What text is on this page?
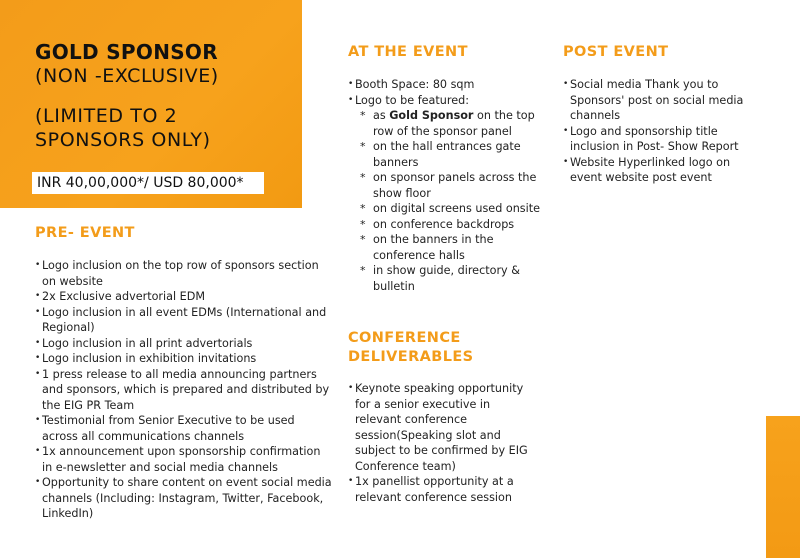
GOLD SPONSOR

(NON -EXCLUSIVE)

(LIMITED TO 2 SPONSORS ONLY)

INR 40,00,000*/ USD 80,000*
PRE- EVENT
• Logo inclusion on the top row of sponsors section on website
• 2x Exclusive advertorial EDM
• Logo inclusion in all event EDMs (International and Regional)
• Logo inclusion in all print advertorials
• Logo inclusion in exhibition invitations
• 1 press release to all media announcing partners and sponsors, which is prepared and distributed by the EIG PR Team
• Testimonial from Senior Executive to be used across all communications channels
• 1x announcement upon sponsorship confirmation in e-newsletter and social media channels
• Opportunity to share content on event social media channels (Including: Instagram, Twitter, Facebook, LinkedIn)
AT THE EVENT
• Booth Space: 80 sqm
• Logo to be featured:
* as Gold Sponsor on the top row of the sponsor panel
* on the hall entrances gate banners
* on sponsor panels across the show floor
* on digital screens used onsite
* on conference backdrops
* on the banners in the conference halls
* in show guide, directory & bulletin
CONFERENCE DELIVERABLES
• Keynote speaking opportunity for a senior executive in relevant conference session(Speaking slot and subject to be confirmed by EIG Conference team)
• 1x panellist opportunity at a relevant conference session
POST EVENT
• Social media Thank you to Sponsors' post on social media channels
• Logo and sponsorship title inclusion in Post- Show Report
• Website Hyperlinked logo on event website post event
